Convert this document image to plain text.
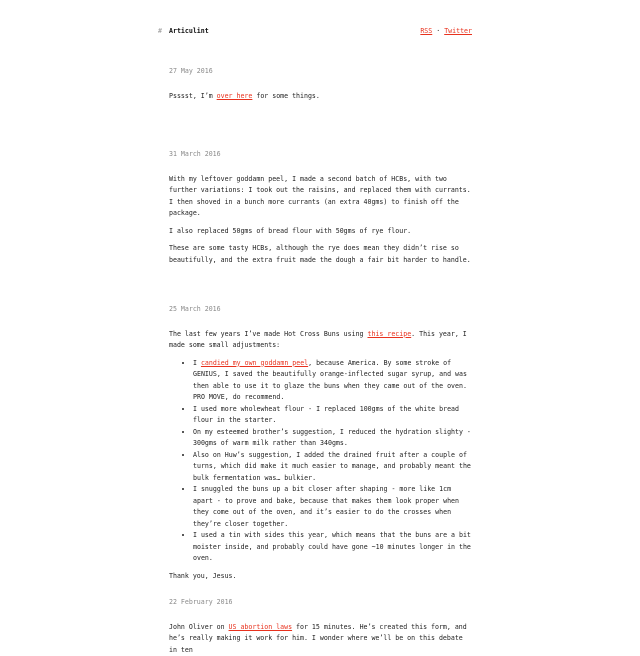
# Articulint	RSS · Twitter
27 May 2016

Psssst, I’m over here for some things.

31 March 2016

With my leftover goddamn peel, I made a second batch of HCBs, with two further variations: I took out the raisins, and replaced them with currants. I then shoved in a bunch more currants (an extra 40gms) to finish off the package.

I also replaced 50gms of bread flour with 50gms of rye flour.

These are some tasty HCBs, although the rye does mean they didn’t rise so beautifully, and the extra fruit made the dough a fair bit harder to handle.

25 March 2016

The last few years I’ve made Hot Cross Buns using this recipe. This year, I made some small adjustments:

• I candied my own goddamn peel, because America. By some stroke of GENIUS, I saved the beautifully orange-inflected sugar syrup, and was then able to use it to glaze the buns when they came out of the oven. PRO MOVE, do recommend.
• I used more wholewheat flour - I replaced 100gms of the white bread flour in the starter.
• On my esteemed brother’s suggestion, I reduced the hydration slighty - 300gms of warm milk rather than 340gms.
• Also on Huw’s suggestion, I added the drained fruit after a couple of turns, which did make it much easier to manage, and probably meant the bulk fermentation was… bulkier.
• I snuggled the buns up a bit closer after shaping - more like 1cm apart - to prove and bake, because that makes them look proper when they come out of the oven, and it’s easier to do the crosses when they’re closer together.
• I used a tin with sides this year, which means that the buns are a bit moister inside, and probably could have gone ~10 minutes longer in the oven.

Thank you, Jesus.

22 February 2016

John Oliver on US abortion laws for 15 minutes. He’s created this form, and he’s really making it work for him. I wonder where we’ll be on this debate in ten
